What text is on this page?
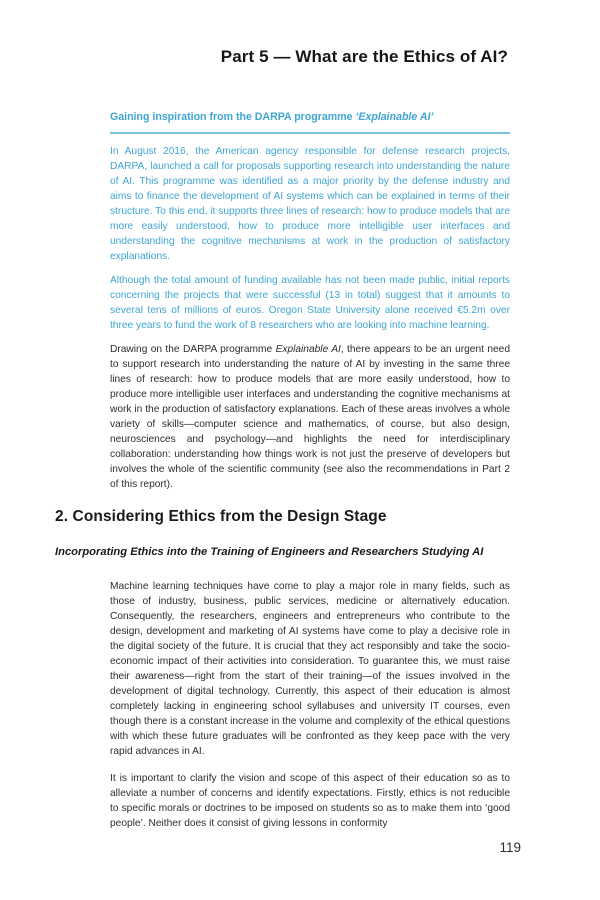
Part 5 — What are the Ethics of AI?
Gaining inspiration from the DARPA programme ‘Explainable AI’

In August 2016, the American agency responsible for defense research projects, DARPA, launched a call for proposals supporting research into understanding the nature of AI. This programme was identified as a major priority by the defense industry and aims to finance the development of AI systems which can be explained in terms of their structure. To this end, it supports three lines of research: how to produce models that are more easily understood, how to produce more intelligible user interfaces and understanding the cognitive mechanisms at work in the production of satisfactory explanations.

Although the total amount of funding available has not been made public, initial reports concerning the projects that were successful (13 in total) suggest that it amounts to several tens of millions of euros. Oregon State University alone received €5.2m over three years to fund the work of 8 researchers who are looking into machine learning.

Drawing on the DARPA programme Explainable AI, there appears to be an urgent need to support research into understanding the nature of AI by investing in the same three lines of research: how to produce models that are more easily understood, how to produce more intelligible user interfaces and understanding the cognitive mechanisms at work in the production of satisfactory explanations. Each of these areas involves a whole variety of skills—computer science and mathematics, of course, but also design, neurosciences and psychology—and highlights the need for interdisciplinary collaboration: understanding how things work is not just the preserve of developers but involves the whole of the scientific community (see also the recommendations in Part 2 of this report).

2. Considering Ethics from the Design Stage
Incorporating Ethics into the Training of Engineers and Researchers Studying AI

Machine learning techniques have come to play a major role in many fields, such as those of industry, business, public services, medicine or alternatively education. Consequently, the researchers, engineers and entrepreneurs who contribute to the design, development and marketing of AI systems have come to play a decisive role in the digital society of the future. It is crucial that they act responsibly and take the socio-economic impact of their activities into consideration. To guarantee this, we must raise their awareness—right from the start of their training—of the issues involved in the development of digital technology. Currently, this aspect of their education is almost completely lacking in engineering school syllabuses and university IT courses, even though there is a constant increase in the volume and complexity of the ethical questions with which these future graduates will be confronted as they keep pace with the very rapid advances in AI.

It is important to clarify the vision and scope of this aspect of their education so as to alleviate a number of concerns and identify expectations. Firstly, ethics is not reducible to specific morals or doctrines to be imposed on students so as to make them into ‘good people’. Neither does it consist of giving lessons in conformity

119
